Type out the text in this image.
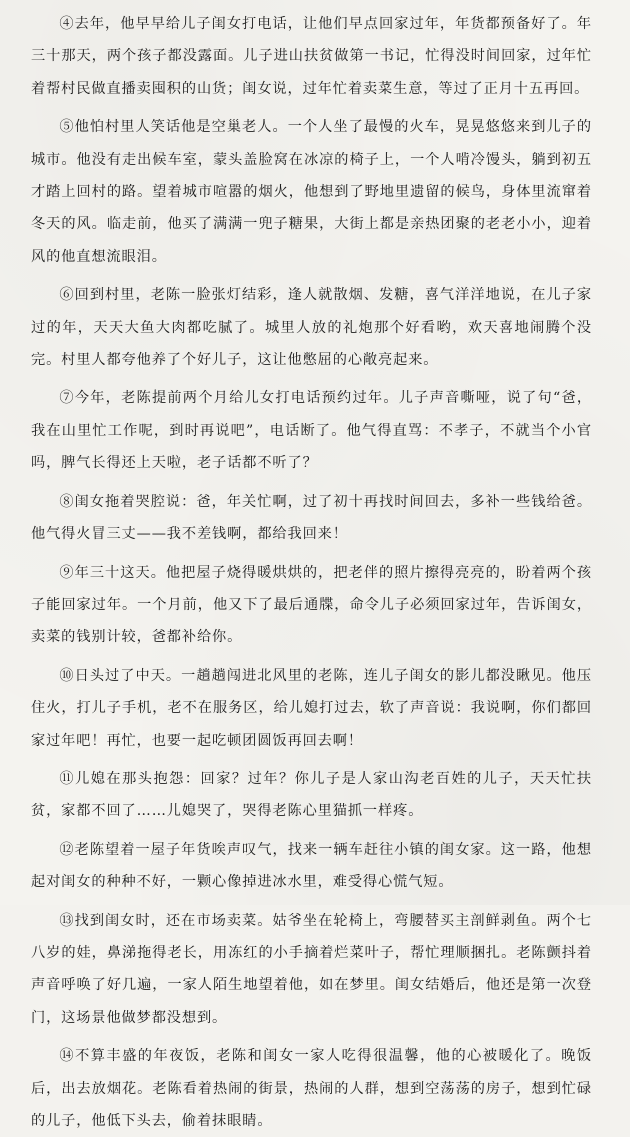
④去年，他早早给儿子闺女打电话，让他们早点回家过年，年货都预备好了。年三十那天，两个孩子都没露面。儿子进山扶贫做第一书记，忙得没时间回家，过年忙着帮村民做直播卖囤积的山货；闺女说，过年忙着卖菜生意，等过了正月十五再回。

⑤他怕村里人笑话他是空巢老人。一个人坐了最慢的火车，晃晃悠悠来到儿子的城市。他没有走出候车室，蒙头盖脸窝在冰凉的椅子上，一个人啃冷馒头，躺到初五才踏上回村的路。望着城市喧嚣的烟火，他想到了野地里遗留的候鸟，身体里流窜着冬天的风。临走前，他买了满满一兜子糖果，大街上都是亲热团聚的老老小小，迎着风的他直想流眼泪。

⑥回到村里，老陈一脸张灯结彩，逢人就散烟、发糖，喜气洋洋地说，在儿子家过的年，天天大鱼大肉都吃腻了。城里人放的礼炮那个好看哟，欢天喜地闹腾个没完。村里人都夸他养了个好儿子，这让他憋屈的心敞亮起来。

⑦今年，老陈提前两个月给儿女打电话预约过年。儿子声音嘶哑，说了句“爸，我在山里忙工作呢，到时再说吧”，电话断了。他气得直骂：不孝子，不就当个小官吗，脾气长得还上天啦，老子话都不听了？

⑧闺女拖着哭腔说：爸，年关忙啊，过了初十再找时间回去，多补一些钱给爸。他气得火冒三丈——我不差钱啊，都给我回来！

⑨年三十这天。他把屋子烧得暖烘烘的，把老伴的照片擦得亮亮的，盼着两个孩子能回家过年。一个月前，他又下了最后通牒，命令儿子必须回家过年，告诉闺女，卖菜的钱别计较，爸都补给你。

⑩日头过了中天。一趟趟闯进北风里的老陈，连儿子闺女的影儿都没瞅见。他压住火，打儿子手机，老不在服务区，给儿媳打过去，软了声音说：我说啊，你们都回家过年吧！再忙，也要一起吃顿团圆饭再回去啊！

⑪儿媳在那头抱怨：回家？过年？你儿子是人家山沟老百姓的儿子，天天忙扶贫，家都不回了……儿媳哭了，哭得老陈心里猫抓一样疼。

⑫老陈望着一屋子年货唉声叹气，找来一辆车赶往小镇的闺女家。这一路，他想起对闺女的种种不好，一颗心像掉进冰水里，难受得心慌气短。

⑬找到闺女时，还在市场卖菜。姑爷坐在轮椅上，弯腰替买主剖鲜剥鱼。两个七八岁的娃，鼻涕拖得老长，用冻红的小手摘着烂菜叶子，帮忙理顺捆扎。老陈颤抖着声音呼唤了好几遍，一家人陌生地望着他，如在梦里。闺女结婚后，他还是第一次登门，这场景他做梦都没想到。

⑭不算丰盛的年夜饭，老陈和闺女一家人吃得很温馨，他的心被暖化了。晚饭后，出去放烟花。老陈看着热闹的街景，热闹的人群，想到空荡荡的房子，想到忙碌的儿子，他低下头去，偷着抹眼睛。
